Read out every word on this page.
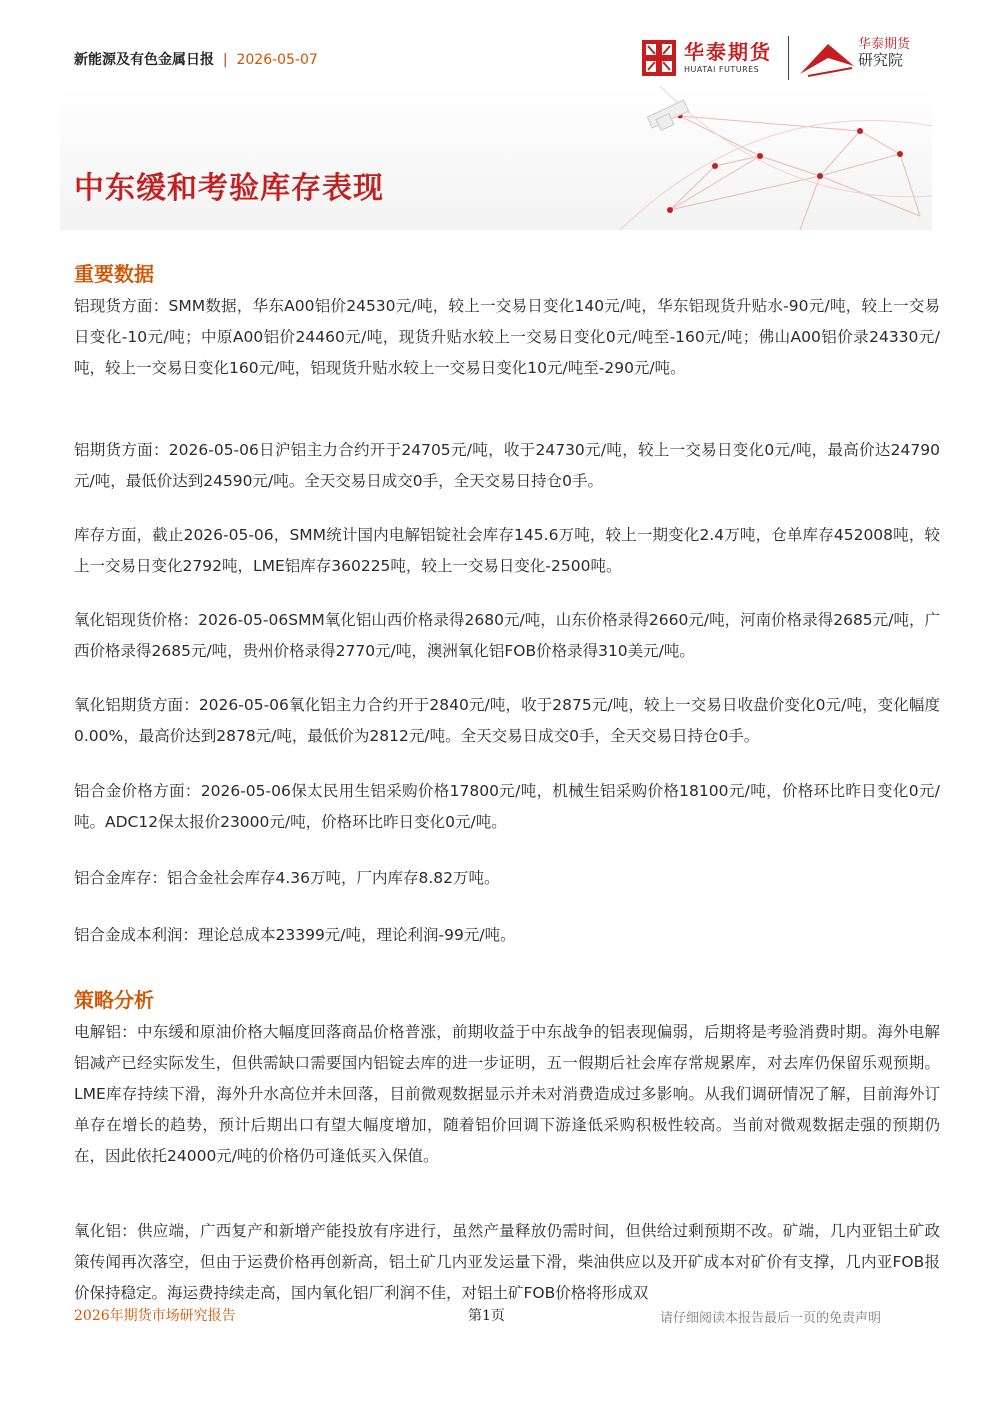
新能源及有色金属日报 | 2026-05-07	华泰期货
HUATAI FUTURES
华泰期货
研究院
中东缓和考验库存表现
重要数据
铝现货方面：SMM数据，华东A00铝价24530元/吨，较上一交易日变化140元/吨，华东铝现货升贴水-90元/吨，较上一交易日变化-10元/吨；中原A00铝价24460元/吨，现货升贴水较上一交易日变化0元/吨至-160元/吨；佛山A00铝价录24330元/吨，较上一交易日变化160元/吨，铝现货升贴水较上一交易日变化10元/吨至-290元/吨。
铝期货方面：2026-05-06日沪铝主力合约开于24705元/吨，收于24730元/吨，较上一交易日变化0元/吨，最高价达24790元/吨，最低价达到24590元/吨。全天交易日成交0手，全天交易日持仓0手。
库存方面，截止2026-05-06，SMM统计国内电解铝锭社会库存145.6万吨，较上一期变化2.4万吨，仓单库存452008吨，较上一交易日变化2792吨，LME铝库存360225吨，较上一交易日变化-2500吨。
氧化铝现货价格：2026-05-06SMM氧化铝山西价格录得2680元/吨，山东价格录得2660元/吨，河南价格录得2685元/吨，广西价格录得2685元/吨，贵州价格录得2770元/吨，澳洲氧化铝FOB价格录得310美元/吨。
氧化铝期货方面：2026-05-06氧化铝主力合约开于2840元/吨，收于2875元/吨，较上一交易日收盘价变化0元/吨，变化幅度0.00%，最高价达到2878元/吨，最低价为2812元/吨。全天交易日成交0手，全天交易日持仓0手。
铝合金价格方面：2026-05-06保太民用生铝采购价格17800元/吨，机械生铝采购价格18100元/吨，价格环比昨日变化0元/吨。ADC12保太报价23000元/吨，价格环比昨日变化0元/吨。
铝合金库存：铝合金社会库存4.36万吨，厂内库存8.82万吨。
铝合金成本利润：理论总成本23399元/吨，理论利润-99元/吨。
策略分析
电解铝：中东缓和原油价格大幅度回落商品价格普涨，前期收益于中东战争的铝表现偏弱，后期将是考验消费时期。海外电解铝减产已经实际发生，但供需缺口需要国内铝锭去库的进一步证明，五一假期后社会库存常规累库，对去库仍保留乐观预期。LME库存持续下滑，海外升水高位并未回落，目前微观数据显示并未对消费造成过多影响。从我们调研情况了解，目前海外订单存在增长的趋势，预计后期出口有望大幅度增加，随着铝价回调下游逢低采购积极性较高。当前对微观数据走强的预期仍在，因此依托24000元/吨的价格仍可逢低买入保值。
氧化铝：供应端，广西复产和新增产能投放有序进行，虽然产量释放仍需时间，但供给过剩预期不改。矿端，几内亚铝土矿政策传闻再次落空，但由于运费价格再创新高，铝土矿几内亚发运量下滑，柴油供应以及开矿成本对矿价有支撑，几内亚FOB报价保持稳定。海运费持续走高，国内氧化铝厂利润不佳，对铝土矿FOB价格将形成双
2026年期货市场研究报告	第1页	请仔细阅读本报告最后一页的免责声明
